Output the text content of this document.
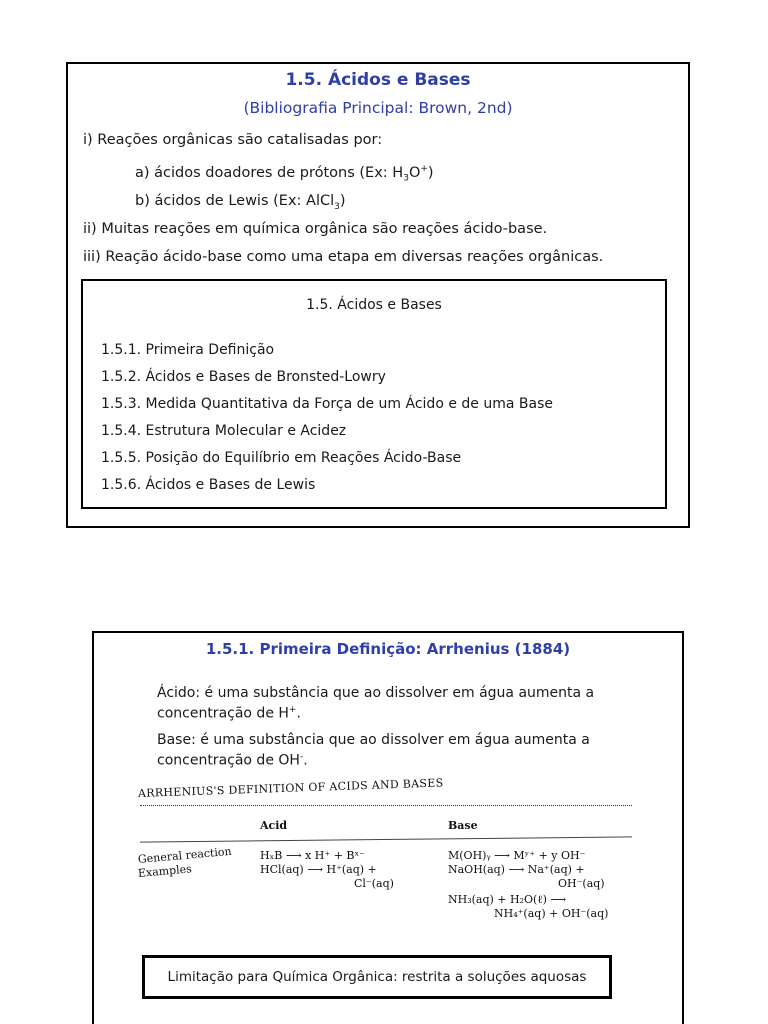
1.5. Ácidos e Bases
(Bibliografia Principal: Brown, 2nd)
i) Reações orgânicas são catalisadas por:
a) ácidos doadores de prótons (Ex: $H_3O^+$)
b) ácidos de Lewis (Ex: AlCl$_3$)
ii) Muitas reações em química orgânica são reações ácido-base.
iii) Reação ácido-base como uma etapa em diversas reações orgânicas.
1.5. Ácidos e Bases
1.5.1. Primeira Definição
1.5.2. Ácidos e Bases de Bronsted-Lowry
1.5.3. Medida Quantitativa da Força de um Ácido e de uma Base
1.5.4. Estrutura Molecular e Acidez
1.5.5. Posição do Equilíbrio em Reações Ácido-Base
1.5.6. Ácidos e Bases de Lewis
1.5.1. Primeira Definição: Arrhenius (1884)
Ácido: é uma substância que ao dissolver em água aumenta a concentração de H+.
Base: é uma substância que ao dissolver em água aumenta a concentração de OH-.
ARRHENIUS'S DEFINITION OF ACIDS AND BASES
Acid	Base
General reaction
Examples
HₓB ⟶ x H⁺ + Bˣ⁻
HCl(aq) ⟶ H⁺(aq) +
Cl⁻(aq)
M(OH)ᵧ ⟶ Mʸ⁺ + y OH⁻
NaOH(aq) ⟶ Na⁺(aq) +
OH⁻(aq)
NH₃(aq) + H₂O(ℓ) ⟶
NH₄⁺(aq) + OH⁻(aq)
Limitação para Química Orgânica: restrita a soluções aquosas
